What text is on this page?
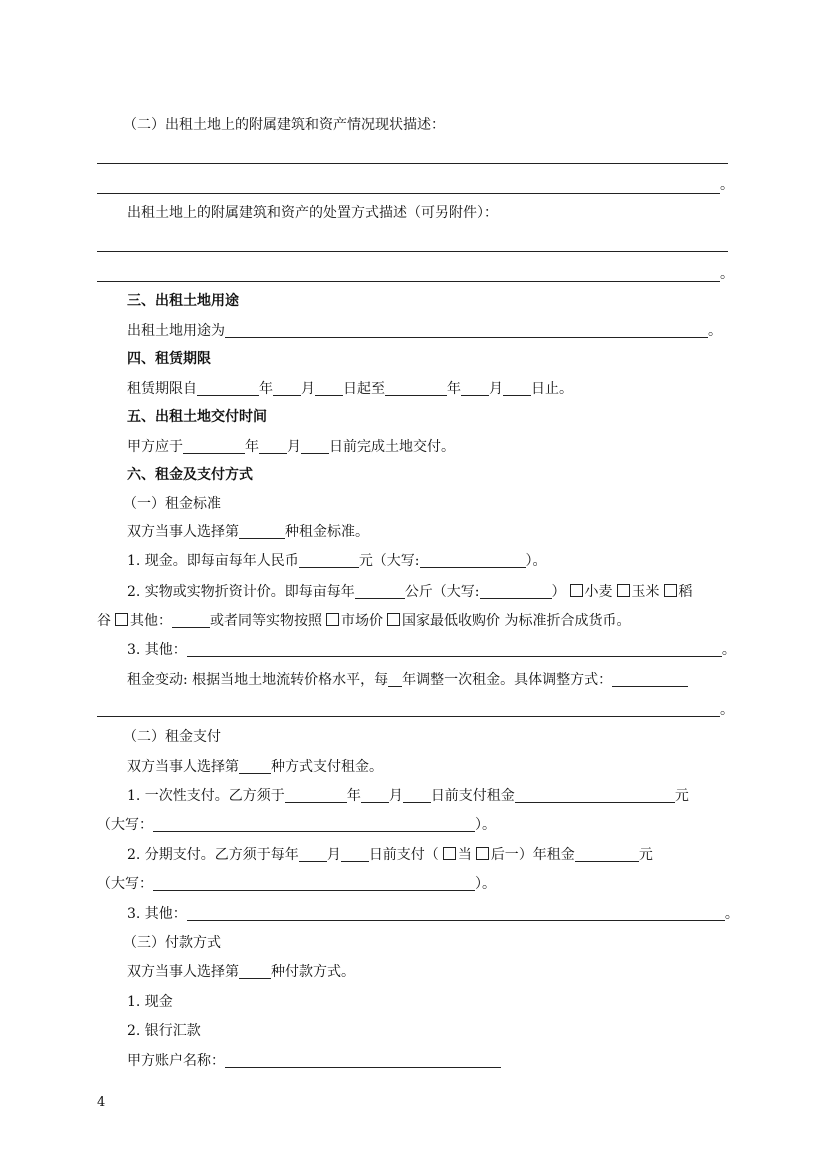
（二）出租土地上的附属建筑和资产情况现状描述：
。
出租土地上的附属建筑和资产的处置方式描述（可另附件）：
。
三、出租土地用途
出租土地用途为	。
四、租赁期限
租赁期限自	年 月 日起至	年 月 日止。
五、出租土地交付时间
甲方应于	年 月 日前完成土地交付。
六、租金及支付方式
（一）租金标准
双方当事人选择第	种租金标准。
1. 现金。即每亩每年人民币	元（大写:	）。
2. 实物或实物折资计价。即每亩每年	公斤（大写:	） 小麦 玉米 稻
谷 其他：	或者同等实物按照 市场价 国家最低收购价 为标准折合成货币。
3. 其他：	。
租金变动: 根据当地土地流转价格水平，每 年调整一次租金。具体调整方式：
。
（二）租金支付
双方当事人选择第 种方式支付租金。
1. 一次性支付。乙方须于	年 月 日前支付租金	元
（大写：	）。
2. 分期支付。乙方须于每年 月 日前支付（ 当 后一）年租金	元
（大写：	）。
3. 其他：	。
（三）付款方式
双方当事人选择第 种付款方式。
1. 现金
2. 银行汇款
甲方账户名称：
4
